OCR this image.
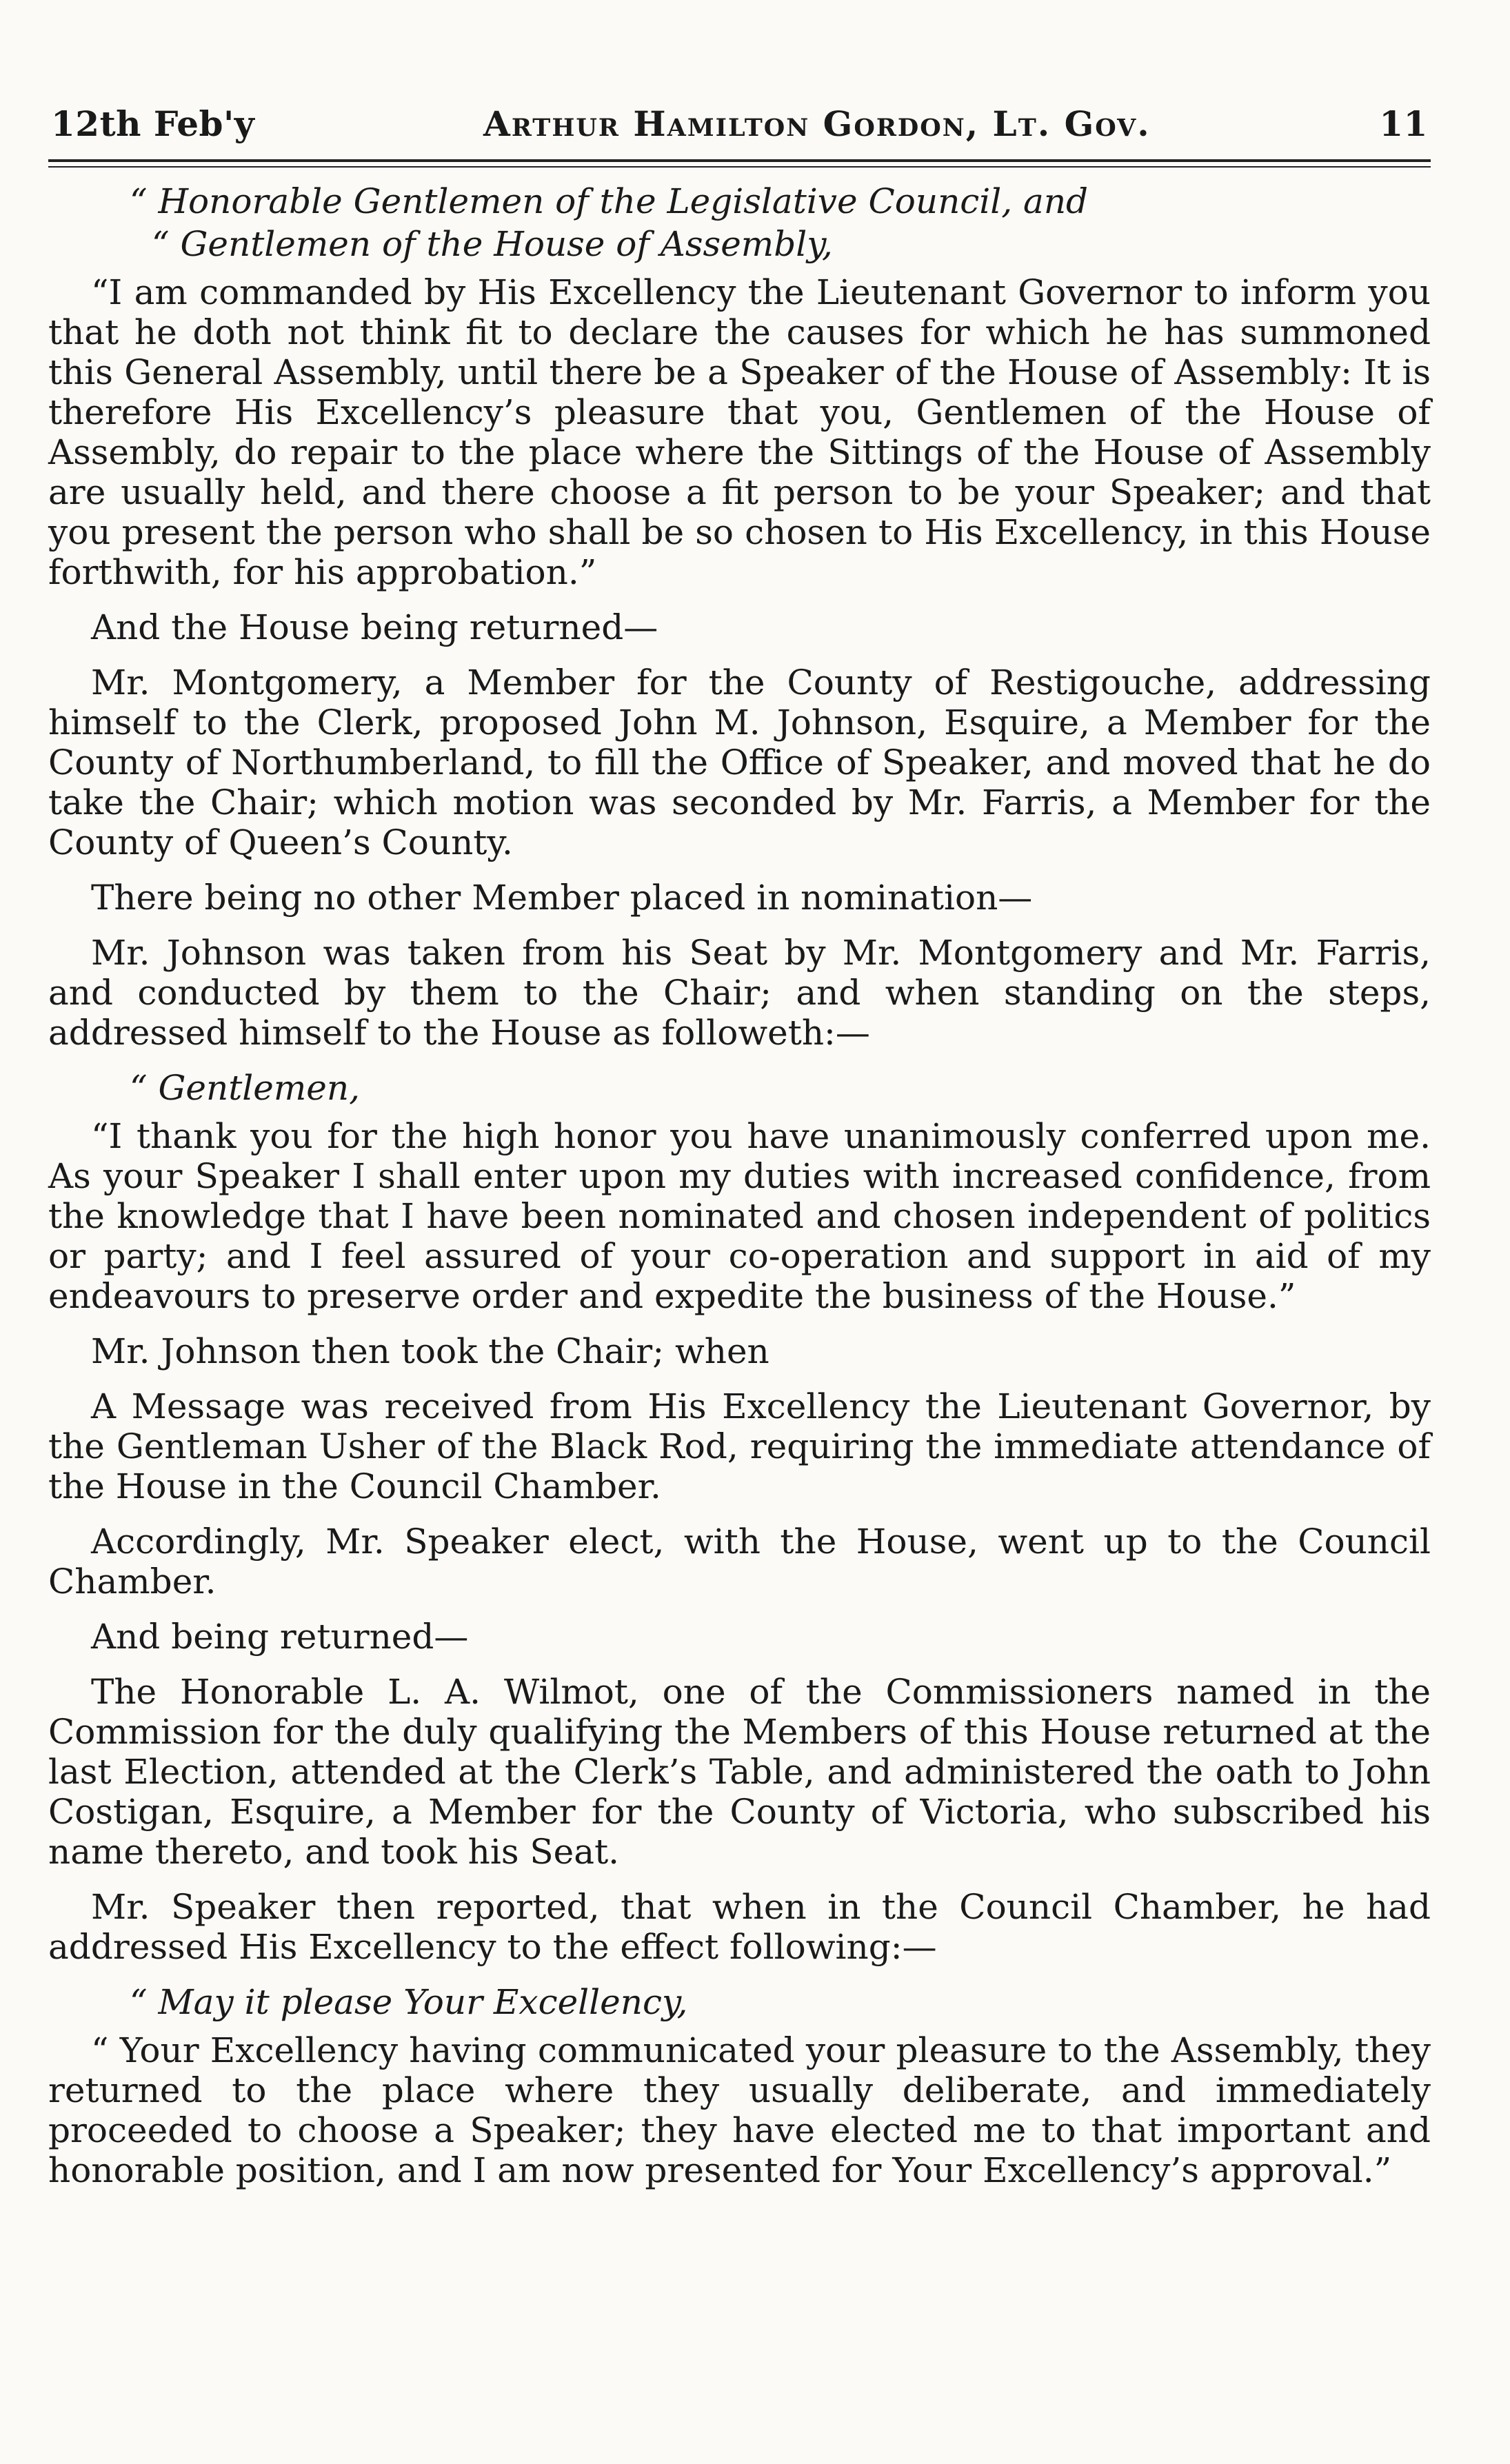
12th Feb'y	Arthur Hamilton Gordon, Lt. Gov.	11

“ Honorable Gentlemen of the Legislative Council, and

“ Gentlemen of the House of Assembly,

“I am commanded by His Excellency the Lieutenant Governor to inform you that he doth not think fit to declare the causes for which he has summoned this General Assembly, until there be a Speaker of the House of Assembly: It is therefore His Excellency’s pleasure that you, Gentlemen of the House of Assembly, do repair to the place where the Sittings of the House of Assembly are usually held, and there choose a fit person to be your Speaker; and that you present the person who shall be so chosen to His Excellency, in this House forthwith, for his approbation.”

And the House being returned—

Mr. Montgomery, a Member for the County of Restigouche, addressing himself to the Clerk, proposed John M. Johnson, Esquire, a Member for the County of Northumberland, to fill the Office of Speaker, and moved that he do take the Chair; which motion was seconded by Mr. Farris, a Member for the County of Queen’s County.

There being no other Member placed in nomination—

Mr. Johnson was taken from his Seat by Mr. Montgomery and Mr. Farris, and conducted by them to the Chair; and when standing on the steps, addressed himself to the House as followeth:—

“ Gentlemen,

“I thank you for the high honor you have unanimously conferred upon me. As your Speaker I shall enter upon my duties with increased confidence, from the knowledge that I have been nominated and chosen independent of politics or party; and I feel assured of your co-operation and support in aid of my endeavours to preserve order and expedite the business of the House.”

Mr. Johnson then took the Chair; when

A Message was received from His Excellency the Lieutenant Governor, by the Gentleman Usher of the Black Rod, requiring the immediate attendance of the House in the Council Chamber.

Accordingly, Mr. Speaker elect, with the House, went up to the Council Chamber.

And being returned—

The Honorable L. A. Wilmot, one of the Commissioners named in the Commission for the duly qualifying the Members of this House returned at the last Election, attended at the Clerk’s Table, and administered the oath to John Costigan, Esquire, a Member for the County of Victoria, who subscribed his name thereto, and took his Seat.

Mr. Speaker then reported, that when in the Council Chamber, he had addressed His Excellency to the effect following:—

“ May it please Your Excellency,

“ Your Excellency having communicated your pleasure to the Assembly, they returned to the place where they usually deliberate, and immediately proceeded to choose a Speaker; they have elected me to that important and honorable position, and I am now presented for Your Excellency’s approval.”
